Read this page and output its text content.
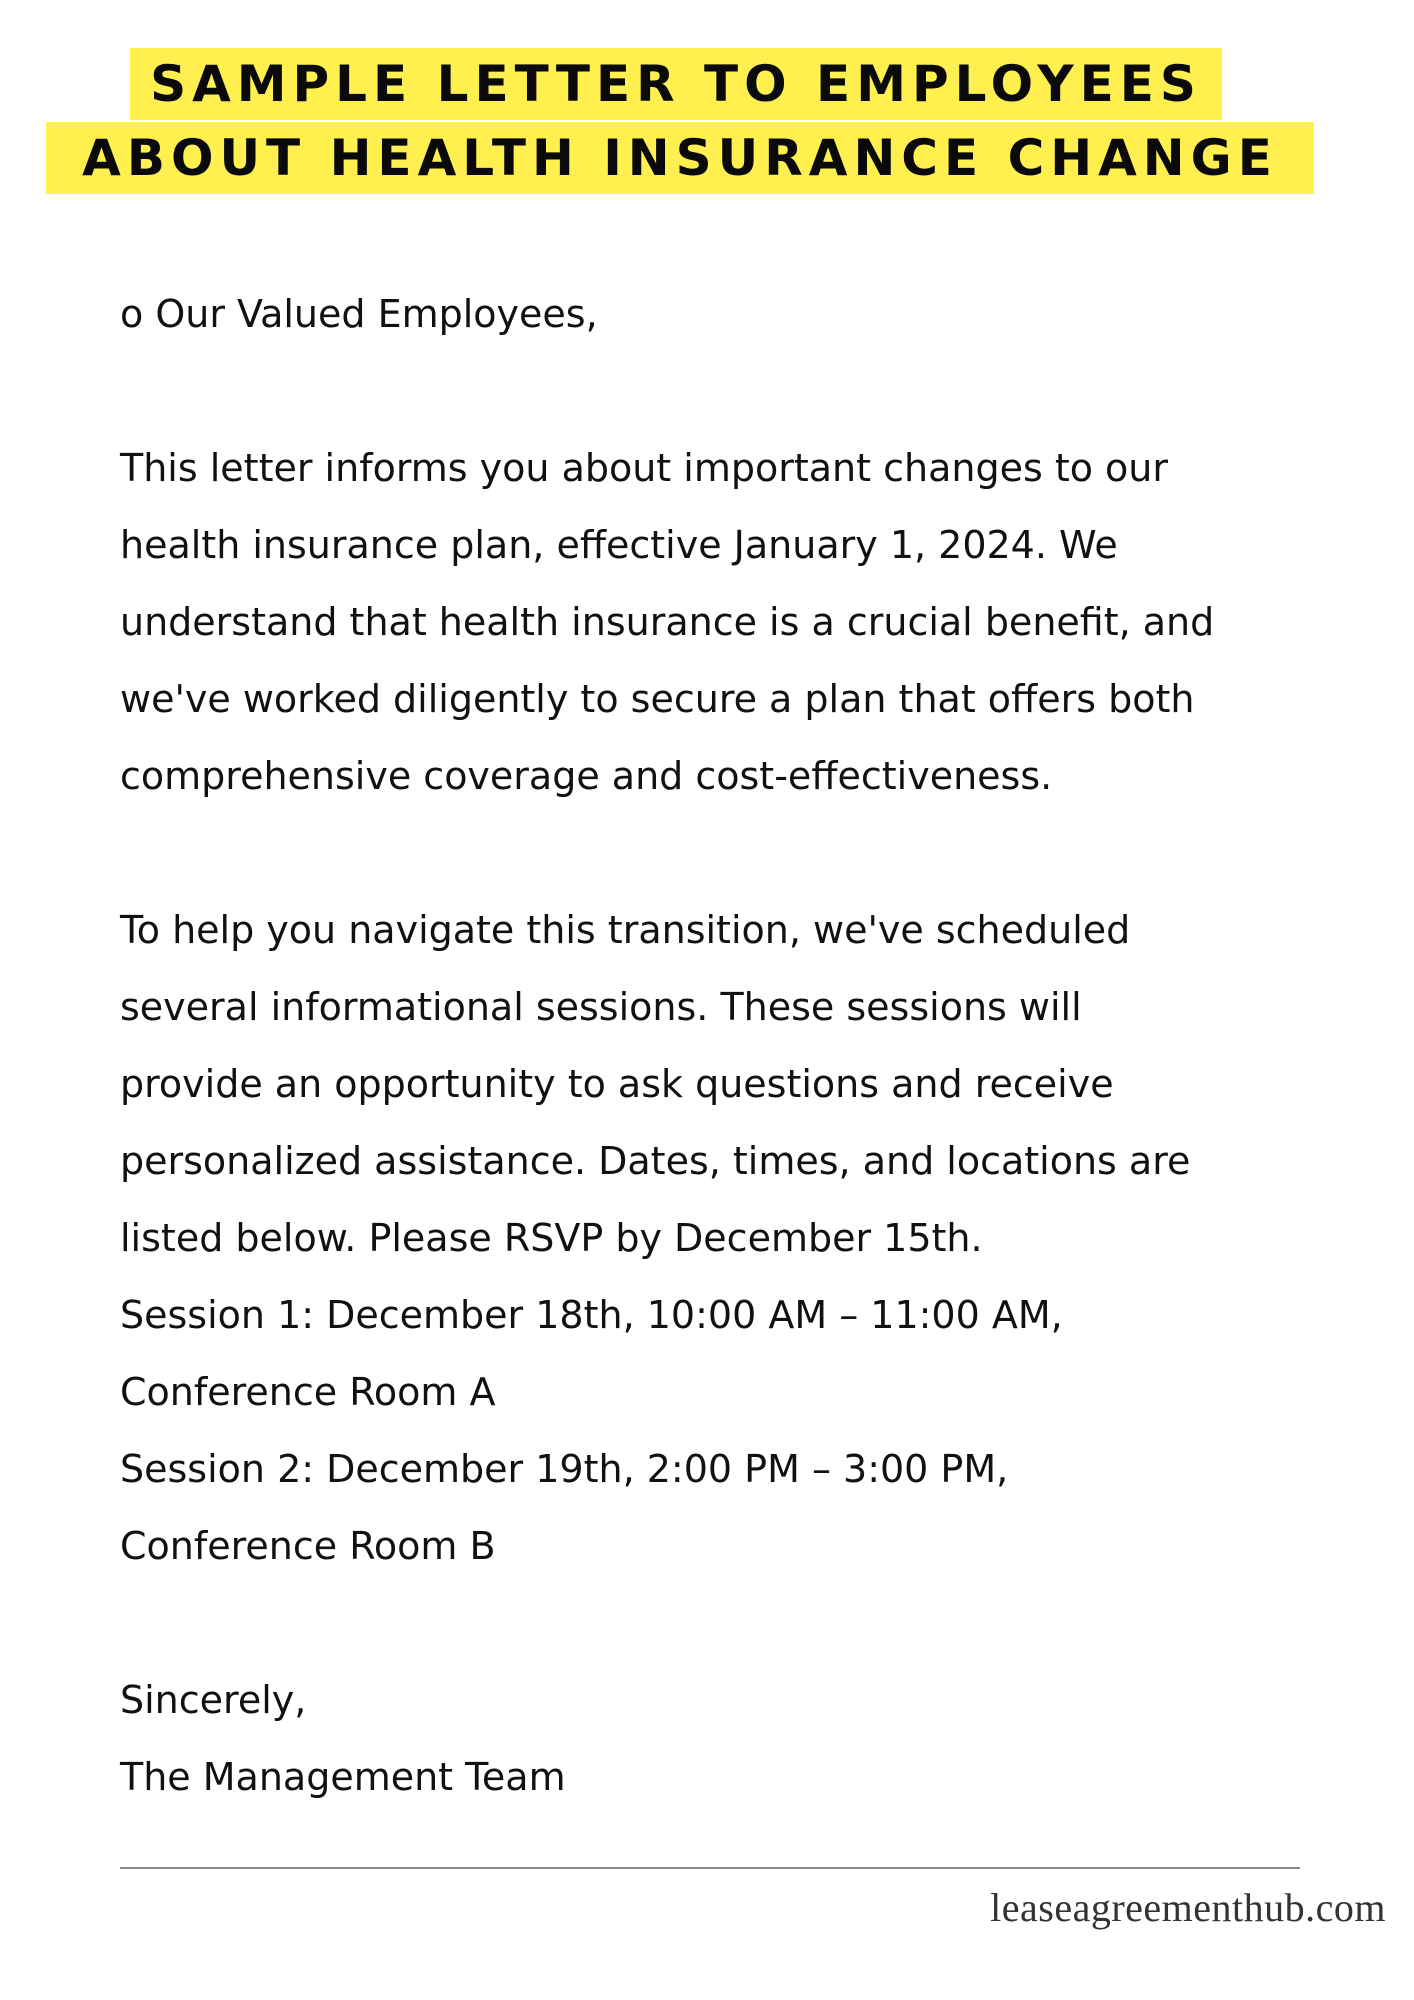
SAMPLE LETTER TO EMPLOYEES
ABOUT HEALTH INSURANCE CHANGE

o Our Valued Employees,

This letter informs you about important changes to our

health insurance plan, effective January 1, 2024. We

understand that health insurance is a crucial benefit, and

we've worked diligently to secure a plan that offers both

comprehensive coverage and cost-effectiveness.

To help you navigate this transition, we've scheduled

several informational sessions. These sessions will

provide an opportunity to ask questions and receive

personalized assistance. Dates, times, and locations are

listed below. Please RSVP by December 15th.

Session 1: December 18th, 10:00 AM – 11:00 AM,

Conference Room A

Session 2: December 19th, 2:00 PM – 3:00 PM,

Conference Room B

Sincerely,

The Management Team

leaseagreementhub.com
